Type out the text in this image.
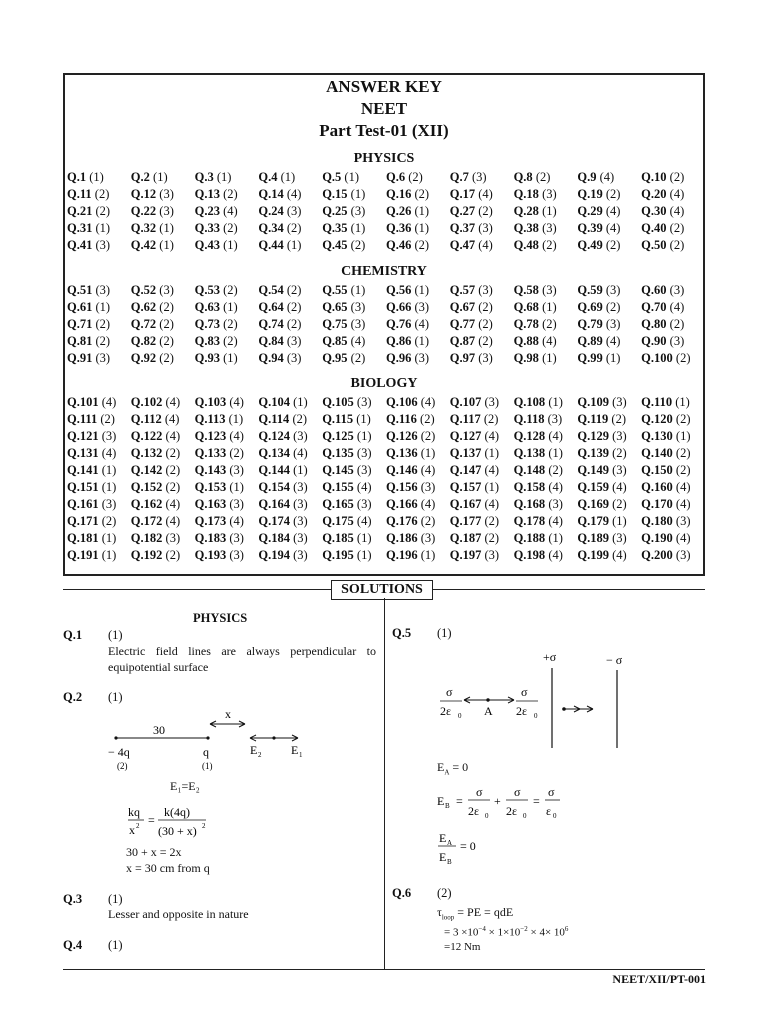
ANSWER KEY
NEET
Part Test-01 (XII)
PHYSICS
Q.1 (1)	Q.2 (1)	Q.3 (1)	Q.4 (1)	Q.5 (1)	Q.6 (2)	Q.7 (3)	Q.8 (2)	Q.9 (4)	Q.10 (2)
Q.11 (2)	Q.12 (3)	Q.13 (2)	Q.14 (4)	Q.15 (1)	Q.16 (2)	Q.17 (4)	Q.18 (3)	Q.19 (2)	Q.20 (4)
Q.21 (2)	Q.22 (3)	Q.23 (4)	Q.24 (3)	Q.25 (3)	Q.26 (1)	Q.27 (2)	Q.28 (1)	Q.29 (4)	Q.30 (4)
Q.31 (1)	Q.32 (1)	Q.33 (2)	Q.34 (2)	Q.35 (1)	Q.36 (1)	Q.37 (3)	Q.38 (3)	Q.39 (4)	Q.40 (2)
Q.41 (3)	Q.42 (1)	Q.43 (1)	Q.44 (1)	Q.45 (2)	Q.46 (2)	Q.47 (4)	Q.48 (2)	Q.49 (2)	Q.50 (2)
CHEMISTRY
Q.51 (3)	Q.52 (3)	Q.53 (2)	Q.54 (2)	Q.55 (1)	Q.56 (1)	Q.57 (3)	Q.58 (3)	Q.59 (3)	Q.60 (3)
Q.61 (1)	Q.62 (2)	Q.63 (1)	Q.64 (2)	Q.65 (3)	Q.66 (3)	Q.67 (2)	Q.68 (1)	Q.69 (2)	Q.70 (4)
Q.71 (2)	Q.72 (2)	Q.73 (2)	Q.74 (2)	Q.75 (3)	Q.76 (4)	Q.77 (2)	Q.78 (2)	Q.79 (3)	Q.80 (2)
Q.81 (2)	Q.82 (2)	Q.83 (2)	Q.84 (3)	Q.85 (4)	Q.86 (1)	Q.87 (2)	Q.88 (4)	Q.89 (4)	Q.90 (3)
Q.91 (3)	Q.92 (2)	Q.93 (1)	Q.94 (3)	Q.95 (2)	Q.96 (3)	Q.97 (3)	Q.98 (1)	Q.99 (1)	Q.100 (2)
BIOLOGY
Q.101 (4)	Q.102 (4)	Q.103 (4)	Q.104 (1)	Q.105 (3)	Q.106 (4)	Q.107 (3)	Q.108 (1)	Q.109 (3)	Q.110 (1)
Q.111 (2)	Q.112 (4)	Q.113 (1)	Q.114 (2)	Q.115 (1)	Q.116 (2)	Q.117 (2)	Q.118 (3)	Q.119 (2)	Q.120 (2)
Q.121 (3)	Q.122 (4)	Q.123 (4)	Q.124 (3)	Q.125 (1)	Q.126 (2)	Q.127 (4)	Q.128 (4)	Q.129 (3)	Q.130 (1)
Q.131 (4)	Q.132 (2)	Q.133 (2)	Q.134 (4)	Q.135 (3)	Q.136 (1)	Q.137 (1)	Q.138 (1)	Q.139 (2)	Q.140 (2)
Q.141 (1)	Q.142 (2)	Q.143 (3)	Q.144 (1)	Q.145 (3)	Q.146 (4)	Q.147 (4)	Q.148 (2)	Q.149 (3)	Q.150 (2)
Q.151 (1)	Q.152 (2)	Q.153 (1)	Q.154 (3)	Q.155 (4)	Q.156 (3)	Q.157 (1)	Q.158 (4)	Q.159 (4)	Q.160 (4)
Q.161 (3)	Q.162 (4)	Q.163 (3)	Q.164 (3)	Q.165 (3)	Q.166 (4)	Q.167 (4)	Q.168 (3)	Q.169 (2)	Q.170 (4)
Q.171 (2)	Q.172 (4)	Q.173 (4)	Q.174 (3)	Q.175 (4)	Q.176 (2)	Q.177 (2)	Q.178 (4)	Q.179 (1)	Q.180 (3)
Q.181 (1)	Q.182 (3)	Q.183 (3)	Q.184 (3)	Q.185 (1)	Q.186 (3)	Q.187 (2)	Q.188 (1)	Q.189 (3)	Q.190 (4)
Q.191 (1)	Q.192 (2)	Q.193 (3)	Q.194 (3)	Q.195 (1)	Q.196 (1)	Q.197 (3)	Q.198 (4)	Q.199 (4)	Q.200 (3)
SOLUTIONS
PHYSICS
Q.1 (1)
Electric field lines are always perpendicular to equipotential surface
Q.2 (1)
30
x
E 2 E 1
− 4q
(2)
q
(1)
E₁=E₂
kq
x 2 =
k(4q)
(30 + x) 2
30 + x = 2x
x = 30 cm from q
Q.3 (1)
Lesser and opposite in nature
Q.4 (1)
Q.5 (1)
+σ	− σ
σ
2ε 0 A
σ
2ε 0
$E_A = 0$
E B =
σ
2ε 0
+
σ
2ε 0
=
σ
ε 0
E A
E B
= 0
Q.6 (2)
$\tau_{loop}$ = PE = qdE
= $3 \times 10^{-4} \times 1\times 10^{-2} \times 4\times 10^6$
=12 Nm
NEET/XII/PT-001
